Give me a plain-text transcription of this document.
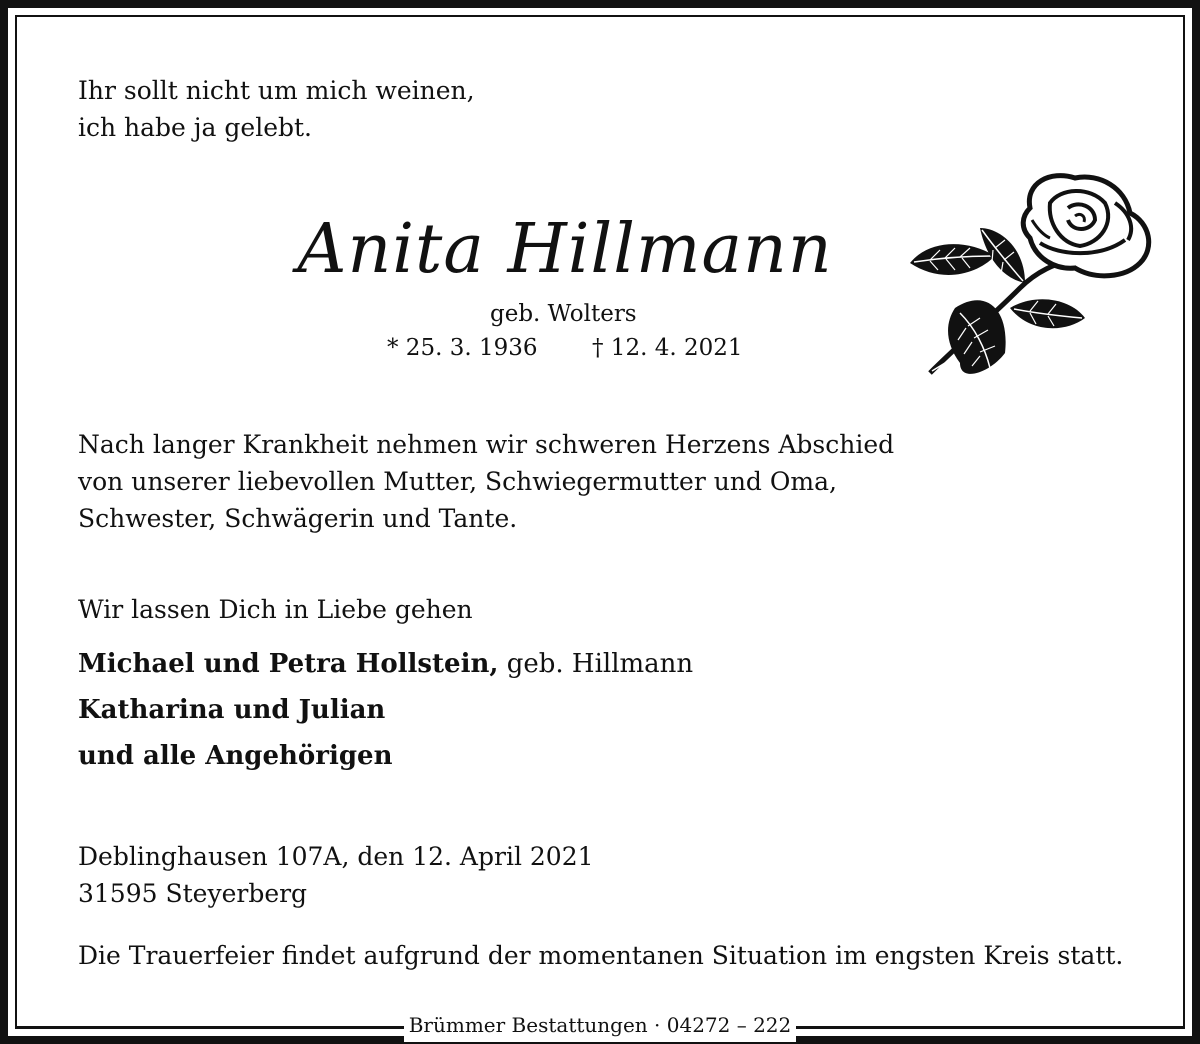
Ihr sollt nicht um mich weinen,
ich habe ja gelebt.
Anita Hillmann
geb. Wolters
* 25. 3. 1936 † 12. 4. 2021
Nach langer Krankheit nehmen wir schweren Herzens Abschied
von unserer liebevollen Mutter, Schwiegermutter und Oma,
Schwester, Schwägerin und Tante.
Wir lassen Dich in Liebe gehen
Michael und Petra Hollstein, geb. Hillmann
Katharina und Julian
und alle Angehörigen
Deblinghausen 107A, den 12. April 2021
31595 Steyerberg
Die Trauerfeier findet aufgrund der momentanen Situation im engsten Kreis statt.
Brümmer Bestattungen · 04272 – 222
